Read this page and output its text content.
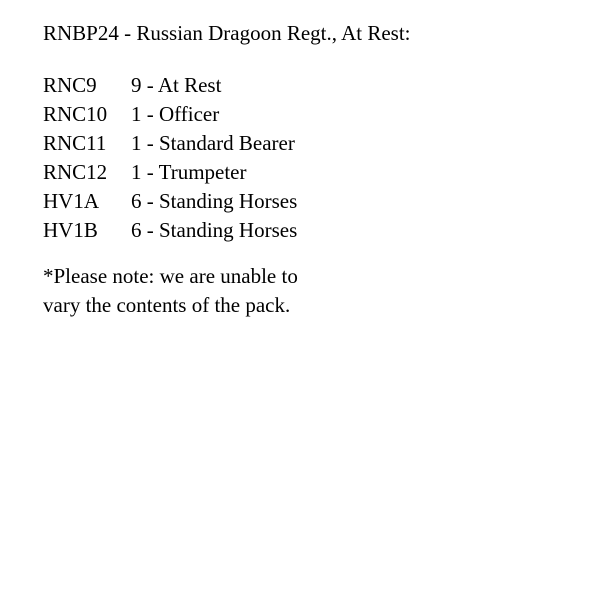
RNBP24 - Russian Dragoon Regt., At Rest:
RNC9	9 - At Rest
RNC10	1 - Officer
RNC11	1 - Standard Bearer
RNC12	1 - Trumpeter
HV1A	6 - Standing Horses
HV1B	6 - Standing Horses

*Please note: we are unable to

vary the contents of the pack.
